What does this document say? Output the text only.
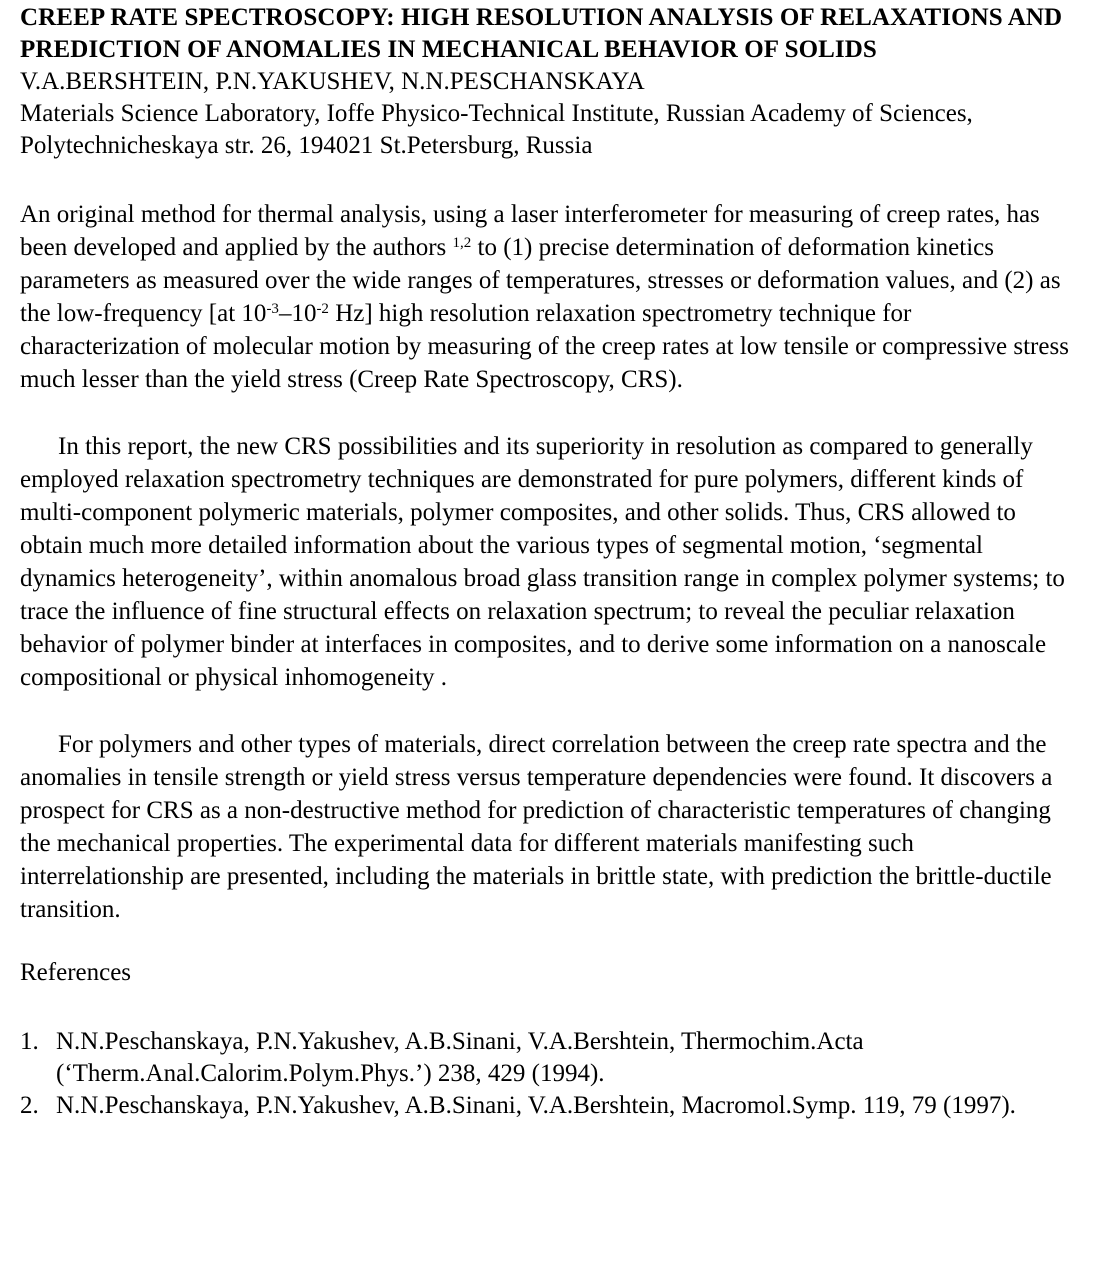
CREEP RATE SPECTROSCOPY: HIGH RESOLUTION ANALYSIS OF RELAXATIONS AND PREDICTION OF ANOMALIES IN MECHANICAL BEHAVIOR OF SOLIDS
V.A.BERSHTEIN, P.N.YAKUSHEV, N.N.PESCHANSKAYA
Materials Science Laboratory, Ioffe Physico-Technical Institute, Russian Academy of Sciences, Polytechnicheskaya str. 26, 194021 St.Petersburg, Russia

An original method for thermal analysis, using a laser interferometer for measuring of creep rates, has been developed and applied by the authors $^{1,2}$ to (1) precise determination of deformation kinetics parameters as measured over the wide ranges of temperatures, stresses or deformation values, and (2) as the low-frequency [at $10^{-3}-10^{-2}$ Hz] high resolution relaxation spectrometry technique for characterization of molecular motion by measuring of the creep rates at low tensile or compressive stress much lesser than the yield stress (Creep Rate Spectroscopy, CRS).

In this report, the new CRS possibilities and its superiority in resolution as compared to generally employed relaxation spectrometry techniques are demonstrated for pure polymers, different kinds of multi-component polymeric materials, polymer composites, and other solids. Thus, CRS allowed to obtain much more detailed information about the various types of segmental motion, ‘segmental dynamics heterogeneity’, within anomalous broad glass transition range in complex polymer systems; to trace the influence of fine structural effects on relaxation spectrum; to reveal the peculiar relaxation behavior of polymer binder at interfaces in composites, and to derive some information on a nanoscale compositional or physical inhomogeneity .

For polymers and other types of materials, direct correlation between the creep rate spectra and the anomalies in tensile strength or yield stress versus temperature dependencies were found. It discovers a prospect for CRS as a non-destructive method for prediction of characteristic temperatures of changing the mechanical properties. The experimental data for different materials manifesting such interrelationship are presented, including the materials in brittle state, with prediction the brittle-ductile transition.

References
1. N.N.Peschanskaya, P.N.Yakushev, A.B.Sinani, V.A.Bershtein, Thermochim.Acta (‘Therm.Anal.Calorim.Polym.Phys.’) 238, 429 (1994).
2. N.N.Peschanskaya, P.N.Yakushev, A.B.Sinani, V.A.Bershtein, Macromol.Symp. 119, 79 (1997).
